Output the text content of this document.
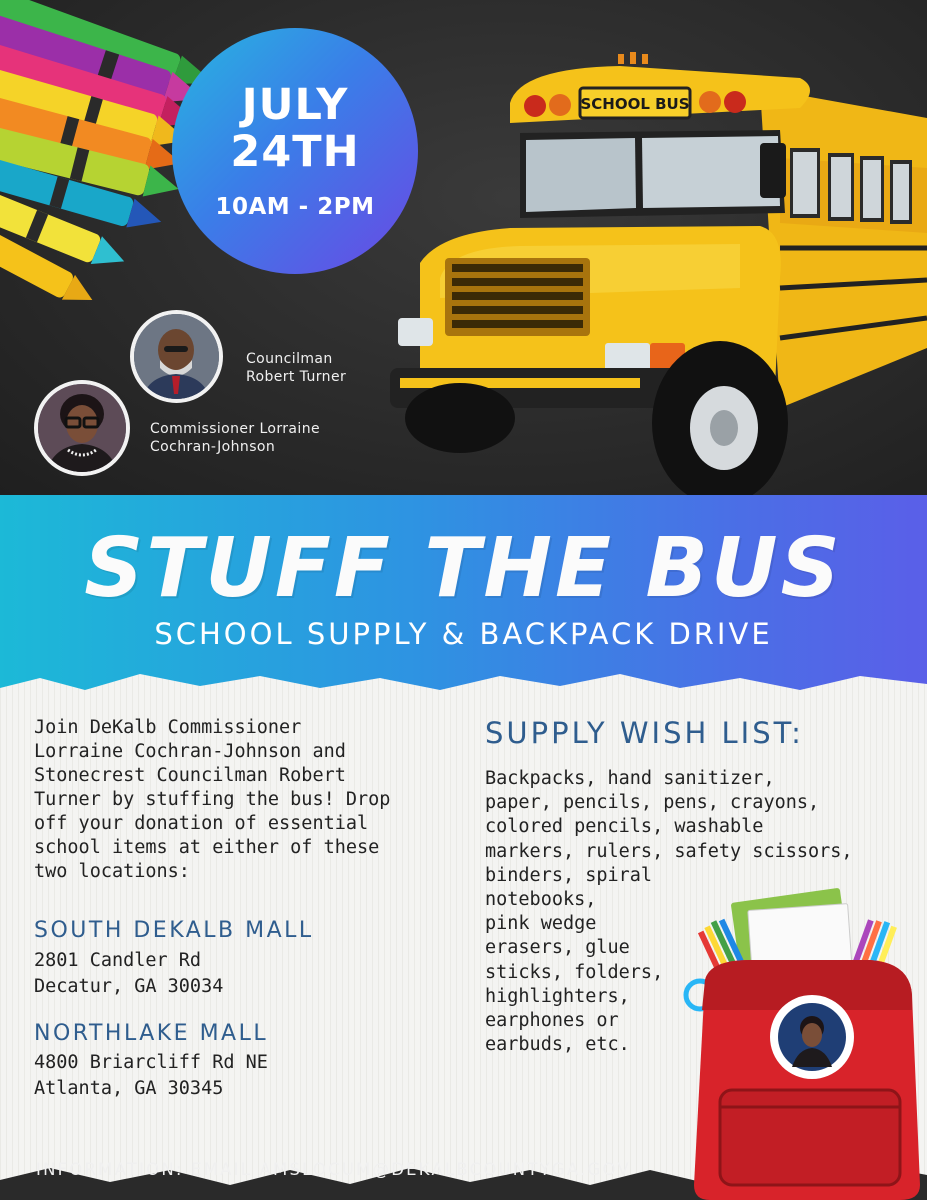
JULY
24TH
10AM - 2PM
Councilman
Robert Turner
Commissioner Lorraine
Cochran-Johnson
SCHOOL BUS
STUFF THE BUS
SCHOOL SUPPLY & BACKPACK DRIVE
Join DeKalb Commissioner
Lorraine Cochran-Johnson and
Stonecrest Councilman Robert
Turner by stuffing the bus! Drop
off your donation of essential
school items at either of these
two locations:
SOUTH DEKALB MALL
2801 Candler Rd
Decatur, GA 30034
NORTHLAKE MALL
4800 Briarcliff Rd NE
Atlanta, GA 30345
SUPPLY WISH LIST:
Backpacks, hand sanitizer,
paper, pencils, pens, crayons,
colored pencils, washable
markers, rulers, safety scissors,
binders, spiral
notebooks,
pink wedge
erasers, glue
sticks, folders,
highlighters,
earphones or
earbuds, etc.
INFORMATION: EMAIL AMSLOCUM@DEKALBCOUNTYGA.GOV
